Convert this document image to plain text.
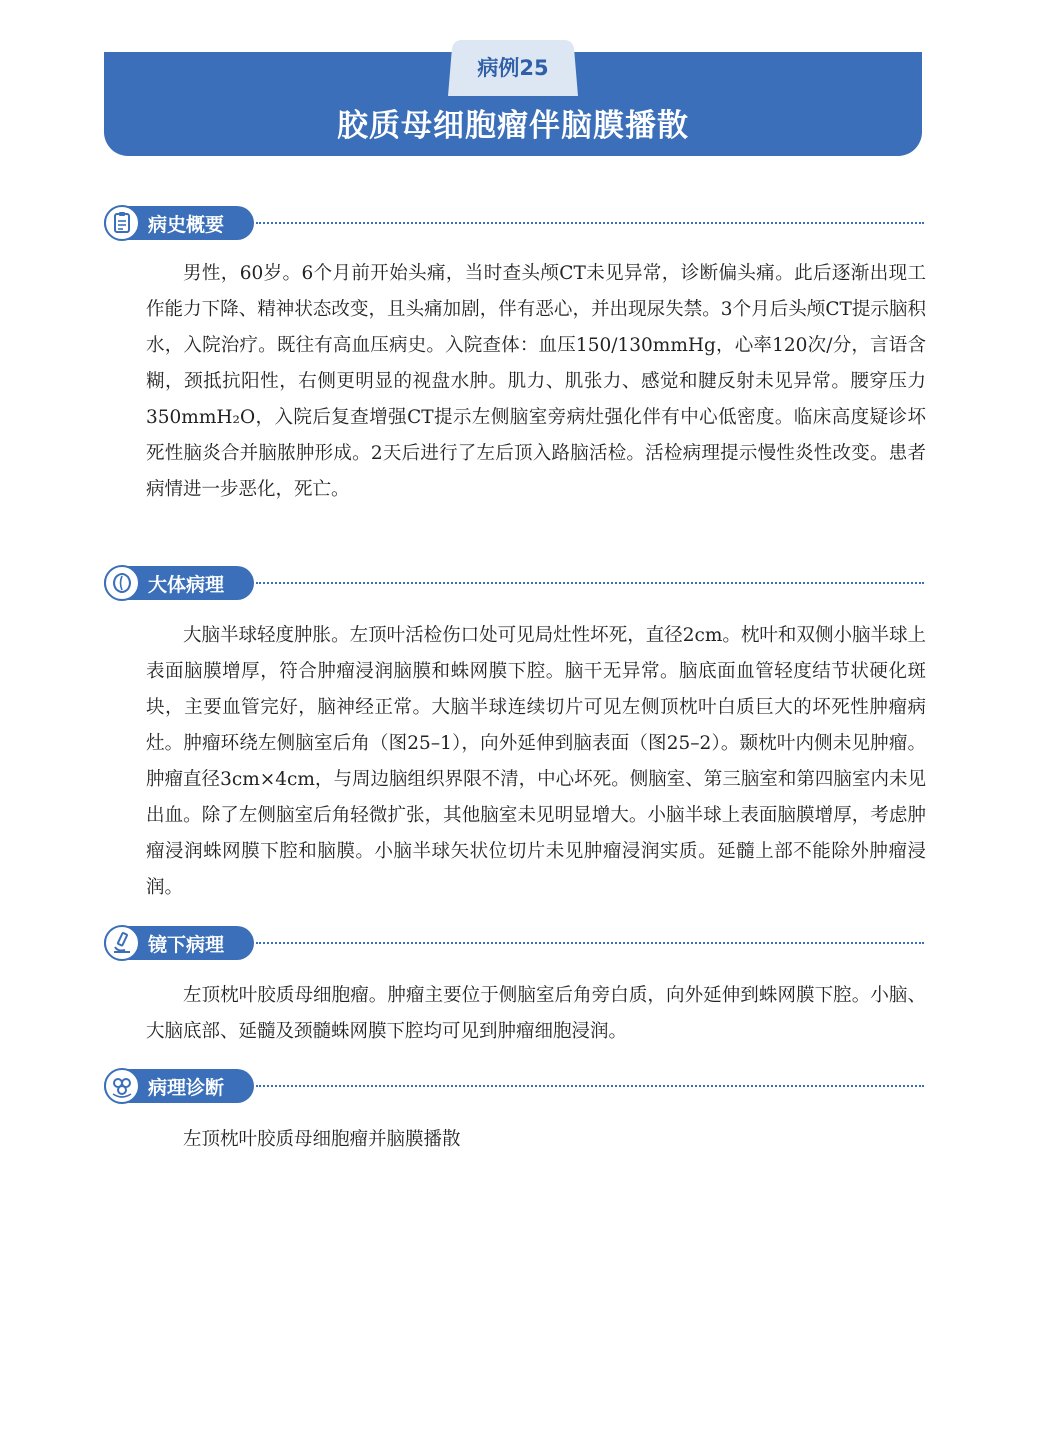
病例25
胶质母细胞瘤伴脑膜播散
病史概要
男性，60岁。6个月前开始头痛，当时查头颅CT未见异常，诊断偏头痛。此后逐渐出现工作能力下降、精神状态改变，且头痛加剧，伴有恶心，并出现尿失禁。3个月后头颅CT提示脑积水，入院治疗。既往有高血压病史。入院查体：血压150/130mmHg，心率120次/分，言语含糊，颈抵抗阳性，右侧更明显的视盘水肿。肌力、肌张力、感觉和腱反射未见异常。腰穿压力350mmH₂O，入院后复查增强CT提示左侧脑室旁病灶强化伴有中心低密度。临床高度疑诊坏死性脑炎合并脑脓肿形成。2天后进行了左后顶入路脑活检。活检病理提示慢性炎性改变。患者病情进一步恶化，死亡。
大体病理
大脑半球轻度肿胀。左顶叶活检伤口处可见局灶性坏死，直径2cm。枕叶和双侧小脑半球上表面脑膜增厚，符合肿瘤浸润脑膜和蛛网膜下腔。脑干无异常。脑底面血管轻度结节状硬化斑块，主要血管完好，脑神经正常。大脑半球连续切片可见左侧顶枕叶白质巨大的坏死性肿瘤病灶。肿瘤环绕左侧脑室后角（图25–1），向外延伸到脑表面（图25–2）。颞枕叶内侧未见肿瘤。肿瘤直径3cm×4cm，与周边脑组织界限不清，中心坏死。侧脑室、第三脑室和第四脑室内未见出血。除了左侧脑室后角轻微扩张，其他脑室未见明显增大。小脑半球上表面脑膜增厚，考虑肿瘤浸润蛛网膜下腔和脑膜。小脑半球矢状位切片未见肿瘤浸润实质。延髓上部不能除外肿瘤浸润。
镜下病理
左顶枕叶胶质母细胞瘤。肿瘤主要位于侧脑室后角旁白质，向外延伸到蛛网膜下腔。小脑、大脑底部、延髓及颈髓蛛网膜下腔均可见到肿瘤细胞浸润。
病理诊断
左顶枕叶胶质母细胞瘤并脑膜播散
